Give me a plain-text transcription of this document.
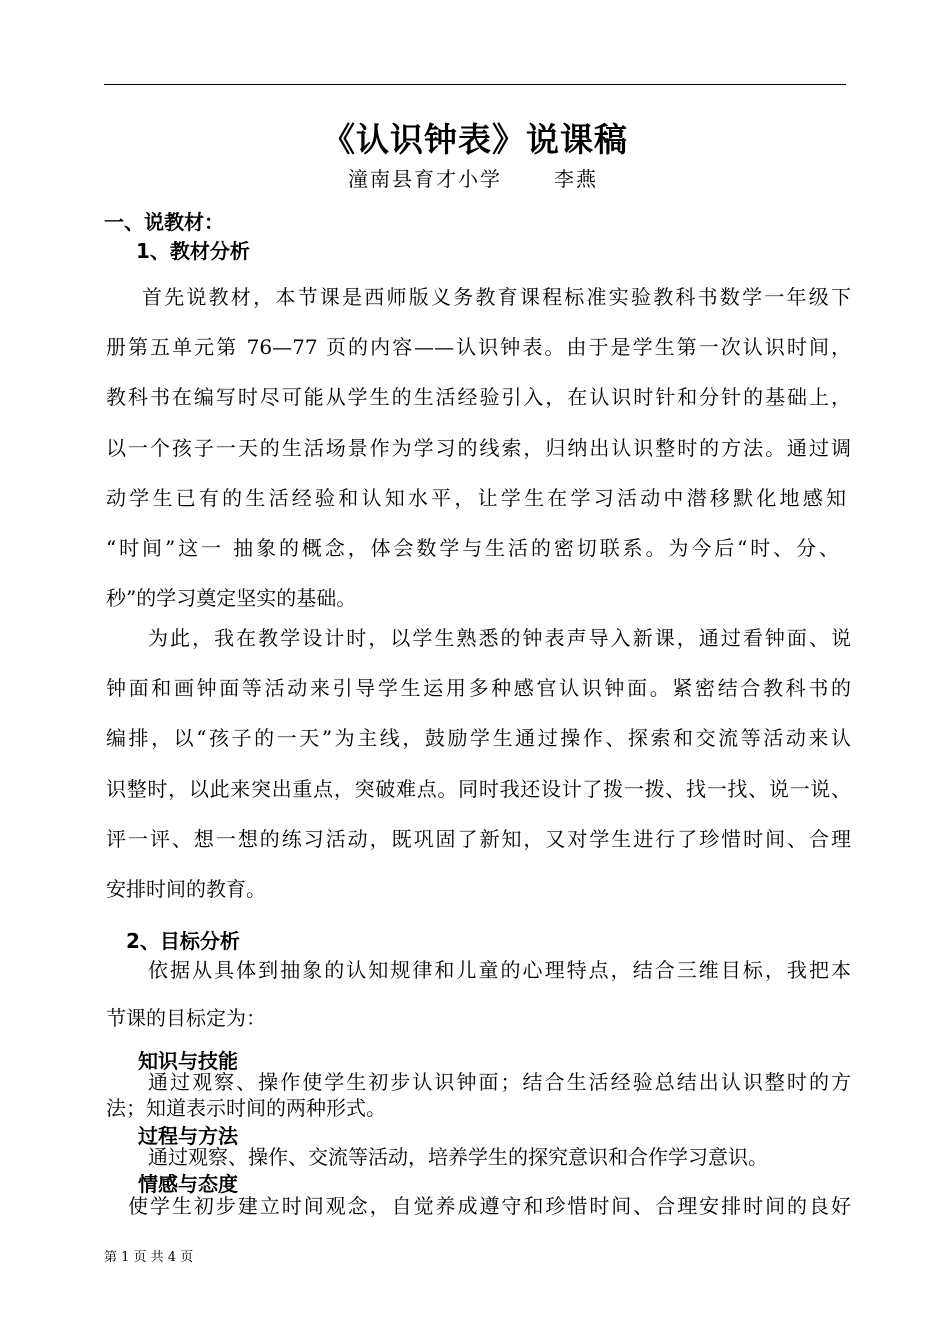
《认识钟表》说课稿
潼南县育才小学	李燕
一、说教材：
1、教材分析
首先说教材，本节课是西师版义务教育课程标准实验教科书数学一年级下
册第五单元第 76—77 页的内容——认识钟表。由于是学生第一次认识时间，
教科书在编写时尽可能从学生的生活经验引入，在认识时针和分针的基础上，
以一个孩子一天的生活场景作为学习的线索，归纳出认识整时的方法。通过调
动学生已有的生活经验和认知水平，让学生在学习活动中潜移默化地感知
“时间”这一 抽象的概念，体会数学与生活的密切联系。为今后“时、分、
秒”的学习奠定坚实的基础。
为此，我在教学设计时，以学生熟悉的钟表声导入新课，通过看钟面、说
钟面和画钟面等活动来引导学生运用多种感官认识钟面。紧密结合教科书的
编排，以“孩子的一天”为主线，鼓励学生通过操作、探索和交流等活动来认
识整时，以此来突出重点，突破难点。同时我还设计了拨一拨、找一找、说一说、
评一评、想一想的练习活动，既巩固了新知，又对学生进行了珍惜时间、合理
安排时间的教育。
2、目标分析
依据从具体到抽象的认知规律和儿童的心理特点，结合三维目标，我把本
节课的目标定为：
知识与技能
通过观察、操作使学生初步认识钟面；结合生活经验总结出认识整时的方
法；知道表示时间的两种形式。
过程与方法
通过观察、操作、交流等活动，培养学生的探究意识和合作学习意识。
情感与态度
使学生初步建立时间观念，自觉养成遵守和珍惜时间、合理安排时间的良好
第 1 页 共 4 页
